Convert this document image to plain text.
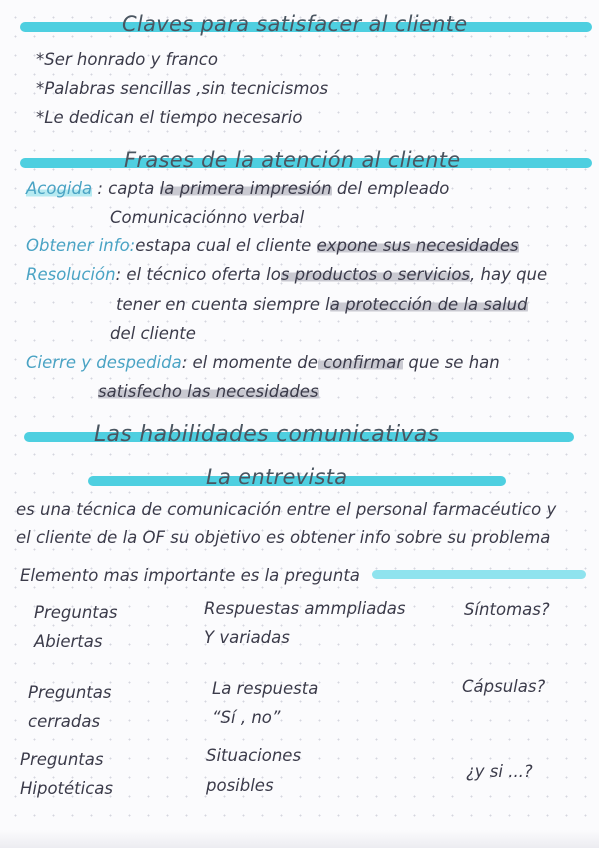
Claves para satisfacer al cliente
*Ser honrado y franco
*Palabras sencillas ,sin tecnicismos
*Le dedican el tiempo necesario
Frases de la atención al cliente
Acogida : capta la primera impresión del empleado
Comunicaciónno verbal
Obtener info:estapa cual el cliente expone sus necesidades
Resolución: el técnico oferta los productos o servicios, hay que
tener en cuenta siempre la protección de la salud
del cliente
Cierre y despedida: el momente de confirmar que se han
satisfecho las necesidades
Las habilidades comunicativas
La entrevista
es una técnica de comunicación entre el personal farmacéutico y
el cliente de la OF su objetivo es obtener info sobre su problema
Elemento mas importante es la pregunta
Preguntas
Abiertas
Respuestas ammpliadas
Y variadas
Síntomas?
Preguntas
cerradas
La respuesta
“Sí , no”
Cápsulas?
Preguntas
Hipotéticas
Situaciones
posibles
¿y si ...?
